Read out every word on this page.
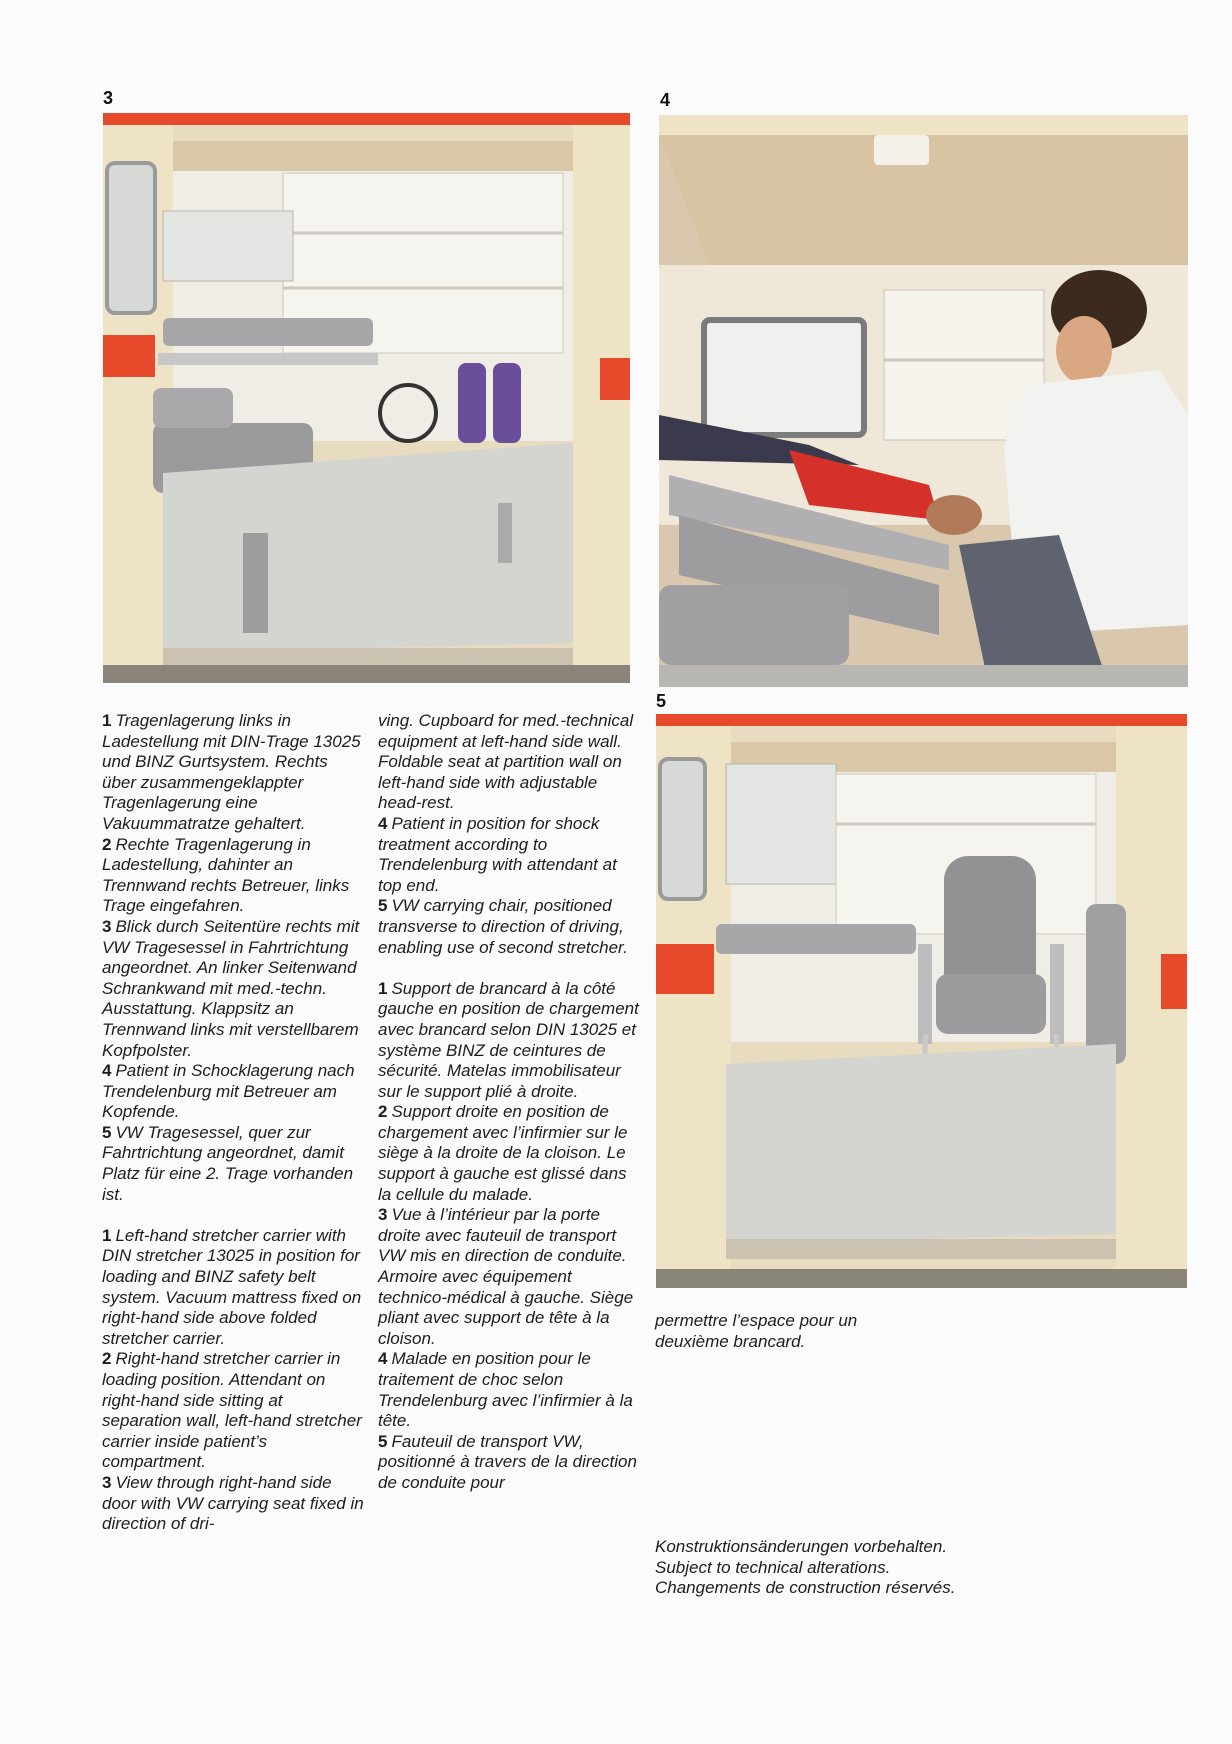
3	4
5

1 Tragenlagerung links in Ladestellung mit DIN-Trage 13025 und BINZ Gurtsystem. Rechts über zusammengeklappter Tragenlagerung eine Vakuummatratze gehaltert.

2 Rechte Tragenlagerung in Ladestellung, dahinter an Trennwand rechts Betreuer, links Trage eingefahren.

3 Blick durch Seitentüre rechts mit VW Tragesessel in Fahrtrichtung angeordnet. An linker Seitenwand Schrankwand mit med.-techn. Ausstattung. Klappsitz an Trennwand links mit verstellbarem Kopfpolster.

4 Patient in Schocklagerung nach Trendelenburg mit Betreuer am Kopfende.

5 VW Tragesessel, quer zur Fahrtrichtung angeordnet, damit Platz für eine 2. Trage vorhanden ist.

1 Left-hand stretcher carrier with DIN stretcher 13025 in position for loading and BINZ safety belt system. Vacuum mattress fixed on right-hand side above folded stretcher carrier.

2 Right-hand stretcher carrier in loading position. Attendant on right-hand side sitting at separation wall, left-hand stretcher carrier inside patient’s compartment.

3 View through right-hand side door with VW carrying seat fixed in direction of dri-

ving. Cupboard for med.-technical equipment at left-hand side wall. Foldable seat at partition wall on left-hand side with adjustable head-rest.

4 Patient in position for shock treatment according to Trendelenburg with attendant at top end.

5 VW carrying chair, positioned transverse to direction of driving, enabling use of second stretcher.

1 Support de brancard à la côté gauche en position de chargement avec brancard selon DIN 13025 et système BINZ de ceintures de sécurité. Matelas immobilisateur sur le support plié à droite.

2 Support droite en position de chargement avec l’infirmier sur le siège à la droite de la cloison. Le support à gauche est glissé dans la cellule du malade.

3 Vue à l’intérieur par la porte droite avec fauteuil de transport VW mis en direction de conduite. Armoire avec équipement technico-médical à gauche. Siège pliant avec support de tête à la cloison.

4 Malade en position pour le traitement de choc selon Trendelenburg avec l’infirmier à la tête.

5 Fauteuil de transport VW, positionné à travers de la direction de conduite pour

permettre l’espace pour un deuxième brancard.

Konstruktionsänderungen vorbehalten.

Subject to technical alterations.

Changements de construction réservés.
